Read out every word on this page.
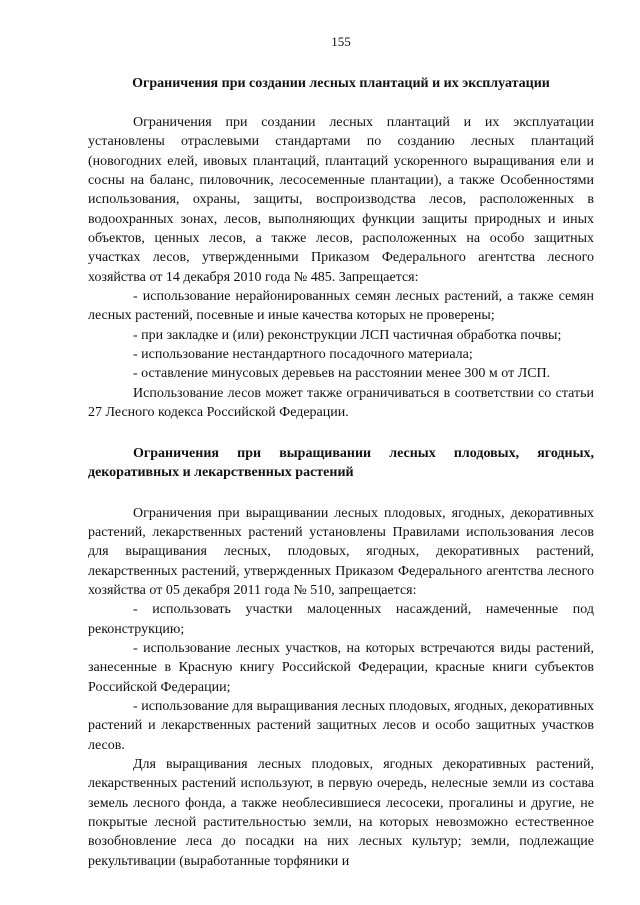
155
Ограничения при создании лесных плантаций и их эксплуатации

Ограничения при создании лесных плантаций и их эксплуатации установлены отраслевыми стандартами по созданию лесных плантаций (новогодних елей, ивовых плантаций, плантаций ускоренного выращивания ели и сосны на баланс, пиловочник, лесосеменные плантации), а также Особенностями использования, охраны, защиты, воспроизводства лесов, расположенных в водоохранных зонах, лесов, выполняющих функции защиты природных и иных объектов, ценных лесов, а также лесов, расположенных на особо защитных участках лесов, утвержденными Приказом Федерального агентства лесного хозяйства от 14 декабря 2010 года № 485. Запрещается:

- использование нерайонированных семян лесных растений, а также семян лесных растений, посевные и иные качества которых не проверены;

- при закладке и (или) реконструкции ЛСП частичная обработка почвы;

- использование нестандартного посадочного материала;

- оставление минусовых деревьев на расстоянии менее 300 м от ЛСП.

Использование лесов может также ограничиваться в соответствии со статьи 27 Лесного кодекса Российской Федерации.

Ограничения при выращивании лесных плодовых, ягодных, декоративных и лекарственных растений

Ограничения при выращивании лесных плодовых, ягодных, декоративных растений, лекарственных растений установлены Правилами использования лесов для выращивания лесных, плодовых, ягодных, декоративных растений, лекарственных растений, утвержденных Приказом Федерального агентства лесного хозяйства от 05 декабря 2011 года № 510, запрещается:

- использовать участки малоценных насаждений, намеченные под реконструкцию;

- использование лесных участков, на которых встречаются виды растений, занесенные в Красную книгу Российской Федерации, красные книги субъектов Российской Федерации;

- использование для выращивания лесных плодовых, ягодных, декоративных растений и лекарственных растений защитных лесов и особо защитных участков лесов.

Для выращивания лесных плодовых, ягодных декоративных растений, лекарственных растений используют, в первую очередь, нелесные земли из состава земель лесного фонда, а также необлесившиеся лесосеки, прогалины и другие, не покрытые лесной растительностью земли, на которых невозможно естественное возобновление леса до посадки на них лесных культур; земли, подлежащие рекультивации (выработанные торфяники и
